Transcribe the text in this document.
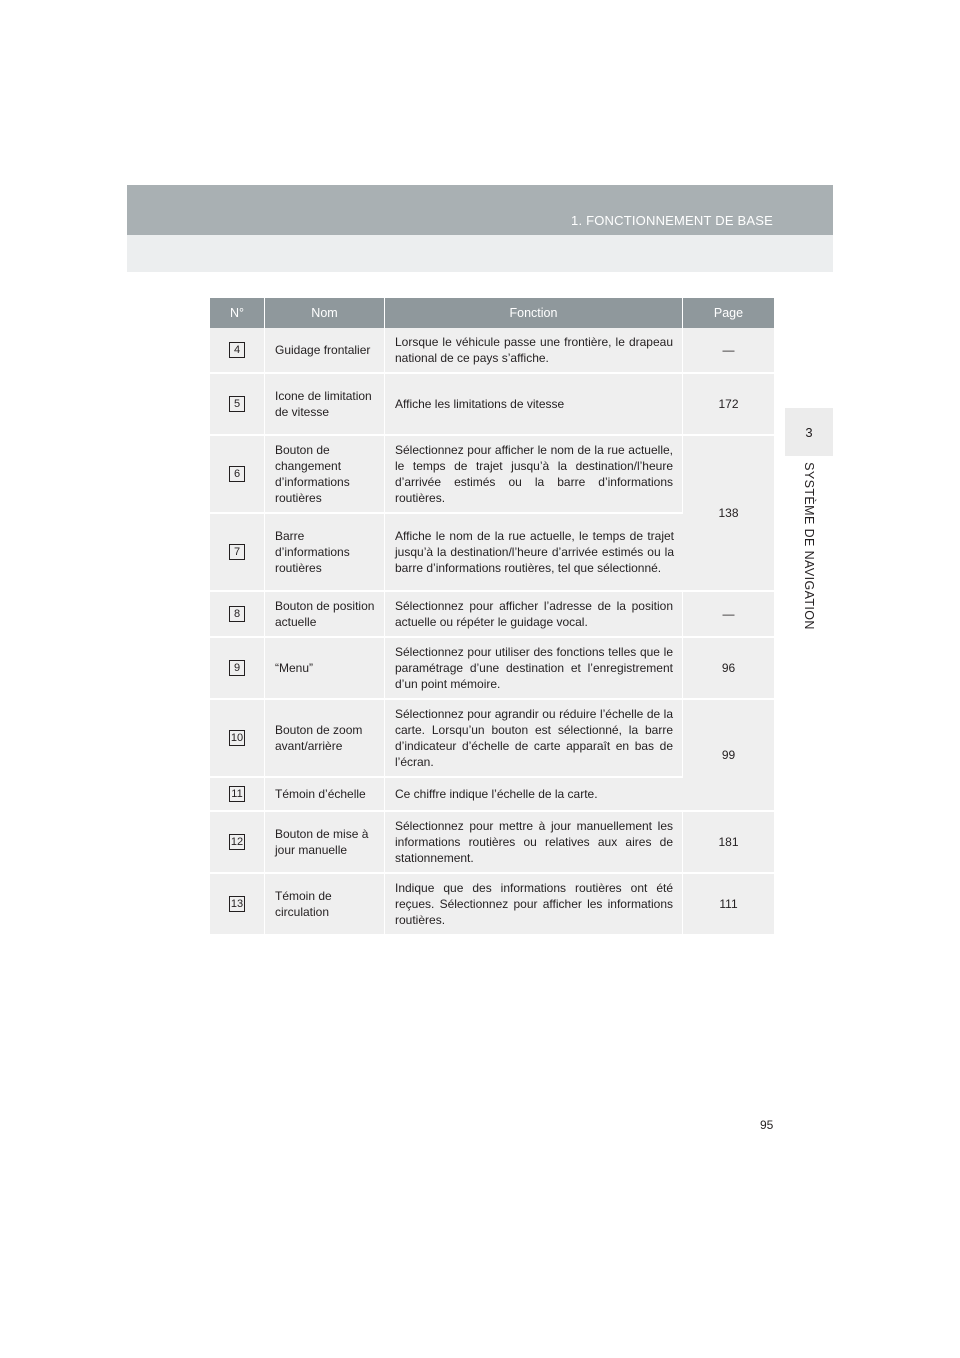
1. FONCTIONNEMENT DE BASE
3
SYSTÈME DE NAVIGATION
N°	Nom	Fonction	Page
4	Guidage frontalier	Lorsque le véhicule passe une frontière, le drapeau national de ce pays s’affiche.	—
5	Icone de limitation de vitesse	Affiche les limitations de vitesse	172
6	Bouton de changement d’informations routières	Sélectionnez pour afficher le nom de la rue actuelle, le temps de trajet jusqu’à la destination/l’heure d’arrivée estimés ou la barre d’informations routières.	138
7	Barre d’informations routières	Affiche le nom de la rue actuelle, le temps de trajet jusqu’à la destination/l’heure d’arrivée estimés ou la barre d’informations routières, tel que sélectionné.	
8	Bouton de position actuelle	Sélectionnez pour afficher l’adresse de la position actuelle ou répéter le guidage vocal.	—
9	“Menu”	Sélectionnez pour utiliser des fonctions telles que le paramétrage d’une destination et l’enregistrement d’un point mémoire.	96
10	Bouton de zoom avant/arrière	Sélectionnez pour agrandir ou réduire l’échelle de la carte. Lorsqu’un bouton est sélectionné, la barre d’indicateur d’échelle de carte apparaît en bas de l’écran.	99
11	Témoin d’échelle	Ce chiffre indique l’échelle de la carte.	
12	Bouton de mise à jour manuelle	Sélectionnez pour mettre à jour manuellement les informations routières ou relatives aux aires de stationnement.	181
13	Témoin de circulation	Indique que des informations routières ont été reçues. Sélectionnez pour afficher les informations routières.	111
95
